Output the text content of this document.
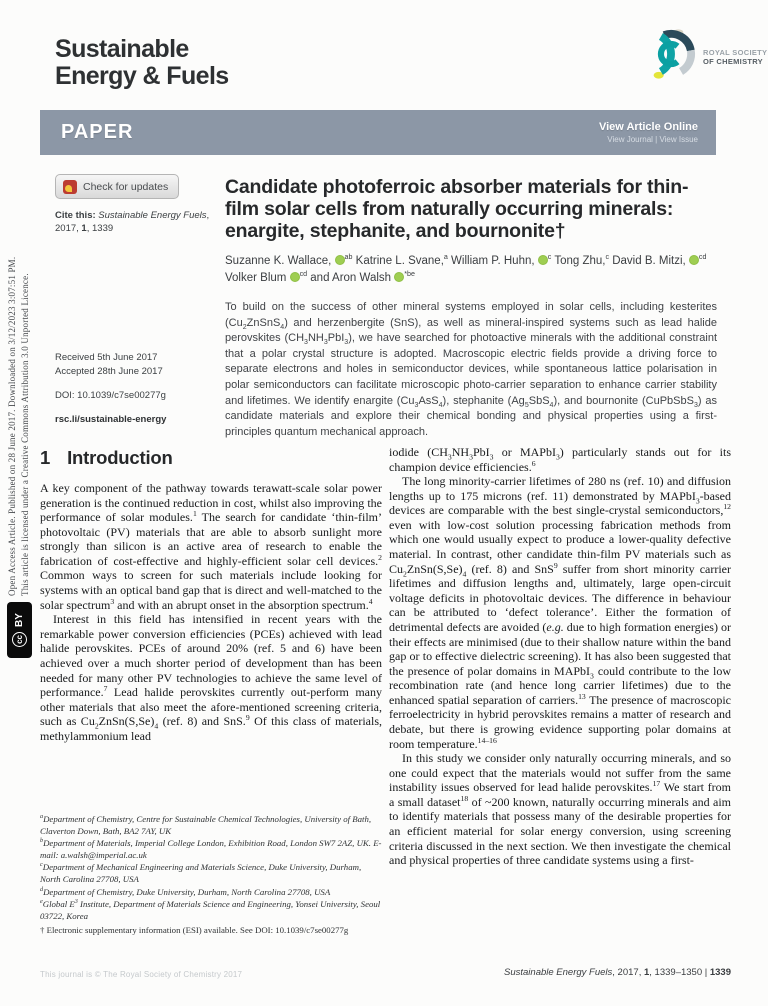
Open Access Article. Published on 28 June 2017. Downloaded on 3/12/2023 3:07:51 PM. This article is licensed under a Creative Commons Attribution 3.0 Unported Licence.
cc
BY
Sustainable
Energy & Fuels
ROYAL SOCIETY
OF CHEMISTRY
PAPER	View Article Online
View Journal | View Issue
Check for updates
Cite this: Sustainable Energy Fuels,
2017, 1, 1339
Received 5th June 2017
Accepted 28th June 2017
DOI: 10.1039/c7se00277g
rsc.li/sustainable-energy
Candidate photoferroic absorber materials for thin-film solar cells from naturally occurring minerals: enargite, stephanite, and bournonite†
Suzanne K. Wallace, $^{ab}$ Katrine L. Svane,$^a$ William P. Huhn, $^c$ Tong Zhu,$^c$ David B. Mitzi, $^{cd}$ Volker Blum $^{cd}$ and Aron Walsh $^{*be}$
To build on the success of other mineral systems employed in solar cells, including kesterites $(Cu_2ZnSnS_4)$ and herzenbergite (SnS), as well as mineral-inspired systems such as lead halide perovskites $(CH_3NH_3PbI_3)$, we have searched for photoactive minerals with the additional constraint that a polar crystal structure is adopted. Macroscopic electric fields provide a driving force to separate electrons and holes in semiconductor devices, while spontaneous lattice polarisation in polar semiconductors can facilitate microscopic photo-carrier separation to enhance carrier stability and lifetimes. We identify enargite $(Cu_3AsS_4)$, stephanite $(Ag_5SbS_4)$, and bournonite (CuPbSbS$_3$) as candidate materials and explore their chemical bonding and physical properties using a first-principles quantum mechanical approach.
1 Introduction

A key component of the pathway towards terawatt-scale solar power generation is the continued reduction in cost, whilst also improving the performance of solar modules.$^1$ The search for candidate ‘thin-film’ photovoltaic (PV) materials that are able to absorb sunlight more strongly than silicon is an active area of research to enable the fabrication of cost-effective and highly-efficient solar cell devices.$^2$ Common ways to screen for such materials include looking for systems with an optical band gap that is direct and well-matched to the solar spectrum$^3$ and with an abrupt onset in the absorption spectrum.$^4$

Interest in this field has intensified in recent years with the remarkable power conversion efficiencies (PCEs) achieved with lead halide perovskites. PCEs of around 20% (ref. 5 and 6) have been achieved over a much shorter period of development than has been needed for many other PV technologies to achieve the same level of performance.$^7$ Lead halide perovskites currently out-perform many other materials that also meet the afore-mentioned screening criteria, such as $Cu_2ZnSn(S,Se)_4$ (ref. 8) and SnS.$^9$ Of this class of materials, methylammonium lead

$^a$Department of Chemistry, Centre for Sustainable Chemical Technologies, University of Bath, Claverton Down, Bath, BA2 7AY, UK
$^b$Department of Materials, Imperial College London, Exhibition Road, London SW7 2AZ, UK. E-mail: a.walsh@imperial.ac.uk
$^c$Department of Mechanical Engineering and Materials Science, Duke University, Durham, North Carolina 27708, USA
$^d$Department of Chemistry, Duke University, Durham, North Carolina 27708, USA
$^e$Global $E^3$ Institute, Department of Materials Science and Engineering, Yonsei University, Seoul 03722, Korea
† Electronic supplementary information (ESI) available. See DOI: 10.1039/c7se00277g

iodide ($CH_3NH_3PbI_3$ or MAPbI$_3$) particularly stands out for its champion device efficiencies.$^6$

The long minority-carrier lifetimes of 280 ns (ref. 10) and diffusion lengths up to 175 microns (ref. 11) demonstrated by MAPbI$_3$-based devices are comparable with the best single-crystal semiconductors,$^{12}$ even with low-cost solution processing fabrication methods from which one would usually expect to produce a lower-quality defective material. In contrast, other candidate thin-film PV materials such as $Cu_2ZnSn(S,Se)_4$ (ref. 8) and SnS$^9$ suffer from short minority carrier lifetimes and diffusion lengths and, ultimately, large open-circuit voltage deficits in photovoltaic devices. The difference in behaviour can be attributed to ‘defect tolerance’. Either the formation of detrimental defects are avoided (e.g. due to high formation energies) or their effects are minimised (due to their shallow nature within the band gap or to effective dielectric screening). It has also been suggested that the presence of polar domains in MAPbI$_3$ could contribute to the low recombination rate (and hence long carrier lifetimes) due to the enhanced spatial separation of carriers.$^{13}$ The presence of macroscopic ferroelectricity in hybrid perovskites remains a matter of research and debate, but there is growing evidence supporting polar domains at room temperature.$^{14-16}$

In this study we consider only naturally occurring minerals, and so one could expect that the materials would not suffer from the same instability issues observed for lead halide perovskites.$^{17}$ We start from a small dataset$^{18}$ of ~200 known, naturally occurring minerals and aim to identify materials that possess many of the desirable properties for an efficient material for solar energy conversion, using screening criteria discussed in the next section. We then investigate the chemical and physical properties of three candidate systems using a first-

This journal is © The Royal Society of Chemistry 2017	Sustainable Energy Fuels, 2017, 1, 1339–1350 | 1339
